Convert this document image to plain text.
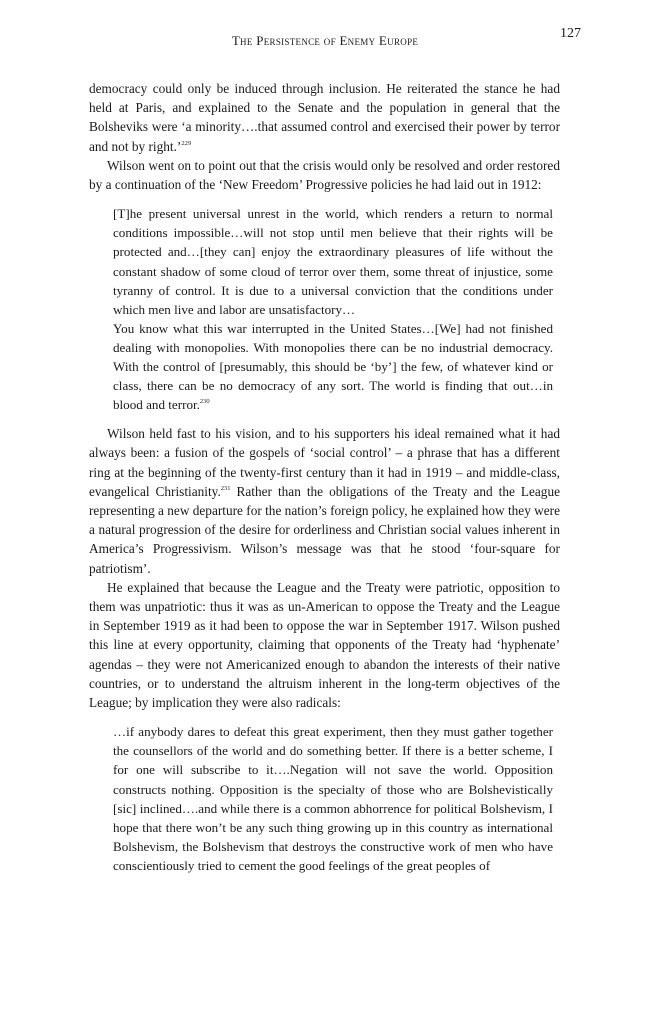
The Persistence of Enemy Europe	127

democracy could only be induced through inclusion. He reiterated the stance he had held at Paris, and explained to the Senate and the population in general that the Bolsheviks were ‘a minority….that assumed control and exercised their power by terror and not by right.’$^{229}$

Wilson went on to point out that the crisis would only be resolved and order restored by a continuation of the ‘New Freedom’ Progressive policies he had laid out in 1912:

[T]he present universal unrest in the world, which renders a return to normal conditions impossible…will not stop until men believe that their rights will be protected and…[they can] enjoy the extraordinary pleasures of life without the constant shadow of some cloud of terror over them, some threat of injustice, some tyranny of control. It is due to a universal conviction that the conditions under which men live and labor are unsatisfactory…

You know what this war interrupted in the United States…[We] had not finished dealing with monopolies. With monopolies there can be no industrial democracy. With the control of [presumably, this should be ‘by’] the few, of whatever kind or class, there can be no democracy of any sort. The world is finding that out…in blood and terror.$^{230}$

Wilson held fast to his vision, and to his supporters his ideal remained what it had always been: a fusion of the gospels of ‘social control’ – a phrase that has a different ring at the beginning of the twenty-first century than it had in 1919 – and middle-class, evangelical Christianity.$^{231}$ Rather than the obligations of the Treaty and the League representing a new departure for the nation’s foreign policy, he explained how they were a natural progression of the desire for orderliness and Christian social values inherent in America’s Progressivism. Wilson’s message was that he stood ‘four-square for patriotism’.

He explained that because the League and the Treaty were patriotic, opposition to them was unpatriotic: thus it was as un-American to oppose the Treaty and the League in September 1919 as it had been to oppose the war in September 1917. Wilson pushed this line at every opportunity, claiming that opponents of the Treaty had ‘hyphenate’ agendas – they were not Americanized enough to abandon the interests of their native countries, or to understand the altruism inherent in the long-term objectives of the League; by implication they were also radicals:

…if anybody dares to defeat this great experiment, then they must gather together the counsellors of the world and do something better. If there is a better scheme, I for one will subscribe to it….Negation will not save the world. Opposition constructs nothing. Opposition is the specialty of those who are Bolshevistically [sic] inclined….and while there is a common abhorrence for political Bolshevism, I hope that there won’t be any such thing growing up in this country as international Bolshevism, the Bolshevism that destroys the constructive work of men who have conscientiously tried to cement the good feelings of the great peoples of
